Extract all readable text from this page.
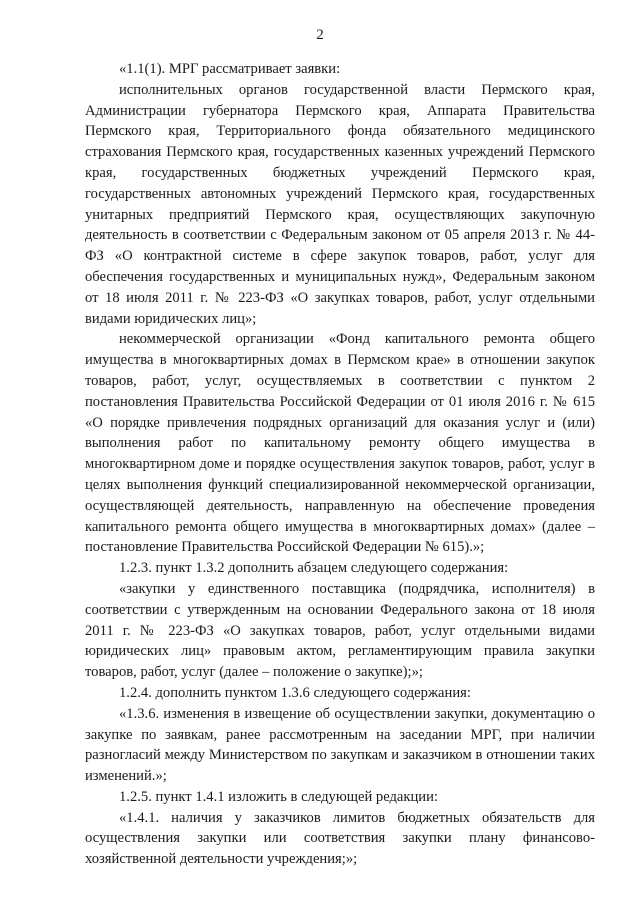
2

«1.1(1). МРГ рассматривает заявки:

исполнительных органов государственной власти Пермского края, Администрации губернатора Пермского края, Аппарата Правительства Пермского края, Территориального фонда обязательного медицинского страхования Пермского края, государственных казенных учреждений Пермского края, государственных бюджетных учреждений Пермского края, государственных автономных учреждений Пермского края, государственных унитарных предприятий Пермского края, осуществляющих закупочную деятельность в соответствии с Федеральным законом от 05 апреля 2013 г. № 44-ФЗ «О контрактной системе в сфере закупок товаров, работ, услуг для обеспечения государственных и муниципальных нужд», Федеральным законом от 18 июля 2011 г. № 223-ФЗ «О закупках товаров, работ, услуг отдельными видами юридических лиц»;

некоммерческой организации «Фонд капитального ремонта общего имущества в многоквартирных домах в Пермском крае» в отношении закупок товаров, работ, услуг, осуществляемых в соответствии с пунктом 2 постановления Правительства Российской Федерации от 01 июля 2016 г. № 615 «О порядке привлечения подрядных организаций для оказания услуг и (или) выполнения работ по капитальному ремонту общего имущества в многоквартирном доме и порядке осуществления закупок товаров, работ, услуг в целях выполнения функций специализированной некоммерческой организации, осуществляющей деятельность, направленную на обеспечение проведения капитального ремонта общего имущества в многоквартирных домах» (далее – постановление Правительства Российской Федерации № 615).»;

1.2.3. пункт 1.3.2 дополнить абзацем следующего содержания:

«закупки у единственного поставщика (подрядчика, исполнителя) в соответствии с утвержденным на основании Федерального закона от 18 июля 2011 г. № 223-ФЗ «О закупках товаров, работ, услуг отдельными видами юридических лиц» правовым актом, регламентирующим правила закупки товаров, работ, услуг (далее – положение о закупке);»;

1.2.4. дополнить пунктом 1.3.6 следующего содержания:

«1.3.6. изменения в извещение об осуществлении закупки, документацию о закупке по заявкам, ранее рассмотренным на заседании МРГ, при наличии разногласий между Министерством по закупкам и заказчиком в отношении таких изменений.»;

1.2.5. пункт 1.4.1 изложить в следующей редакции:

«1.4.1. наличия у заказчиков лимитов бюджетных обязательств для осуществления закупки или соответствия закупки плану финансово-хозяйственной деятельности учреждения;»;
